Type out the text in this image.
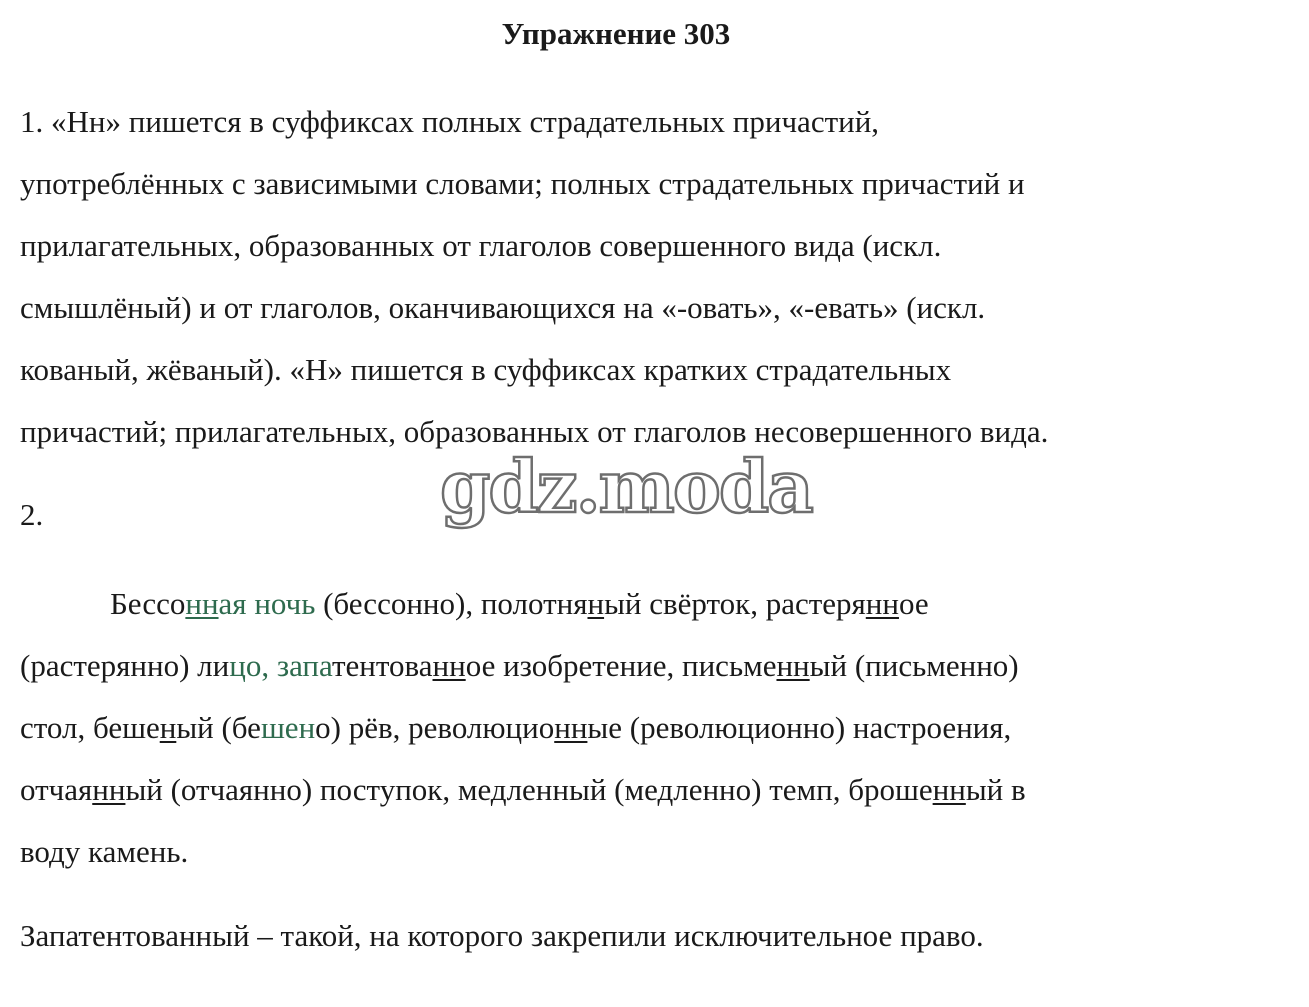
Упражнение 303
1. «Нн» пишется в суффиксах полных страдательных причастий,
употреблённых с зависимыми словами; полных страдательных причастий и
прилагательных, образованных от глаголов совершенного вида (искл.
смышлёный) и от глаголов, оканчивающихся на «-овать», «-евать» (искл.
кованый, жёваный). «Н» пишется в суффиксах кратких страдательных
причастий; прилагательных, образованных от глаголов несовершенного вида.
2.
Бессонная ночь (бессонно), полотняный свёрток, растерянное
(растерянно) лицо, запатентованное изобретение, письменный (письменно)
стол, бешеный (бешено) рёв, революционные (революционно) настроения,
отчаянный (отчаянно) поступок, медленный (медленно) темп, брошенный в
воду камень.
Запатентованный – такой, на которого закрепили исключительное право.
gdz.moda
